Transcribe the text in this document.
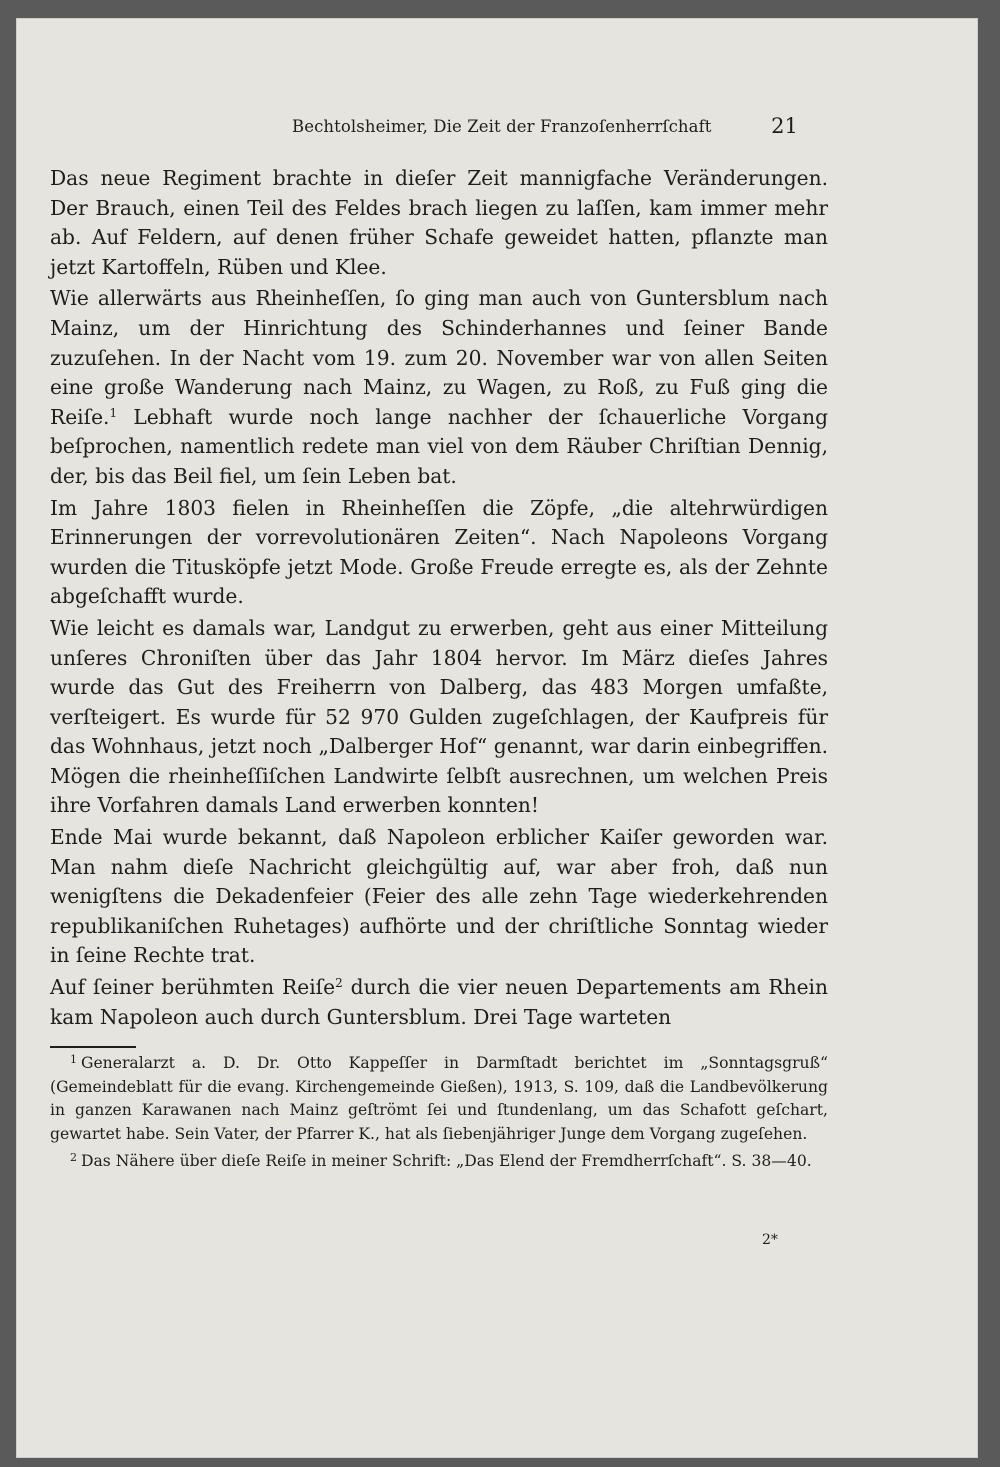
Bechtolsheimer, Die Zeit der Franzoſenherrſchaft	21

Das neue Regiment brachte in dieſer Zeit mannigfache Veränderungen. Der Brauch, einen Teil des Feldes brach liegen zu laſſen, kam immer mehr ab. Auf Feldern, auf denen früher Schafe geweidet hatten, pflanzte man jetzt Kartoffeln, Rüben und Klee.

Wie allerwärts aus Rheinheſſen, ſo ging man auch von Guntersblum nach Mainz, um der Hinrichtung des Schinderhannes und ſeiner Bande zuzuſehen. In der Nacht vom 19. zum 20. November war von allen Seiten eine große Wanderung nach Mainz, zu Wagen, zu Roß, zu Fuß ging die Reiſe.$^1$ Lebhaft wurde noch lange nachher der ſchauerliche Vorgang beſprochen, namentlich redete man viel von dem Räuber Chriſtian Dennig, der, bis das Beil fiel, um ſein Leben bat.

Im Jahre 1803 fielen in Rheinheſſen die Zöpfe, „die altehrwürdigen Erinnerungen der vorrevolutionären Zeiten“. Nach Napoleons Vorgang wurden die Titusköpfe jetzt Mode. Große Freude erregte es, als der Zehnte abgeſchafft wurde.

Wie leicht es damals war, Landgut zu erwerben, geht aus einer Mitteilung unſeres Chroniſten über das Jahr 1804 hervor. Im März dieſes Jahres wurde das Gut des Freiherrn von Dalberg, das 483 Morgen umfaßte, verſteigert. Es wurde für 52 970 Gulden zugeſchlagen, der Kaufpreis für das Wohnhaus, jetzt noch „Dalberger Hof“ genannt, war darin einbegriffen. Mögen die rheinheſſiſchen Landwirte ſelbſt ausrechnen, um welchen Preis ihre Vorfahren damals Land erwerben konnten!

Ende Mai wurde bekannt, daß Napoleon erblicher Kaiſer geworden war. Man nahm dieſe Nachricht gleichgültig auf, war aber froh, daß nun wenigſtens die Dekadenfeier (Feier des alle zehn Tage wiederkehrenden republikaniſchen Ruhetages) aufhörte und der chriſtliche Sonntag wieder in ſeine Rechte trat.

Auf ſeiner berühmten Reiſe$^2$ durch die vier neuen Departements am Rhein kam Napoleon auch durch Guntersblum. Drei Tage warteten

$^1$ Generalarzt a. D. Dr. Otto Kappeſſer in Darmſtadt berichtet im „Sonntagsgruß“ (Gemeindeblatt für die evang. Kirchengemeinde Gießen), 1913, S. 109, daß die Landbevölkerung in ganzen Karawanen nach Mainz geſtrömt ſei und ſtundenlang, um das Schafott geſchart, gewartet habe. Sein Vater, der Pfarrer K., hat als ſiebenjähriger Junge dem Vorgang zugeſehen.

$^2$ Das Nähere über dieſe Reiſe in meiner Schrift: „Das Elend der Fremdherrſchaft“. S. 38—40.

2*
